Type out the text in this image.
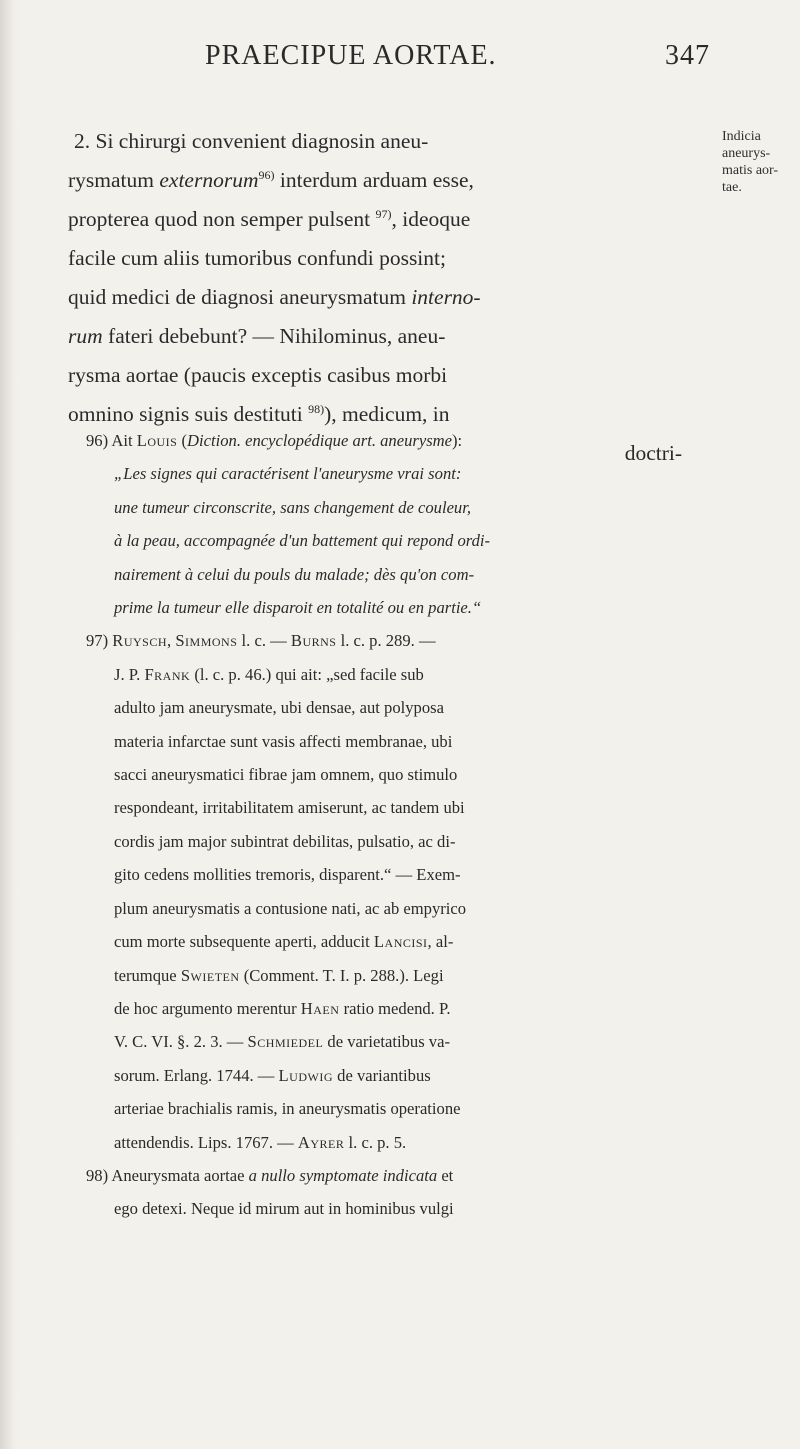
PRAECIPUE AORTAE.	347
Indicia
aneurys-
matis aor-
tae.

2. Si chirurgi convenient diagnosin aneu-

rysmatum externorum$^{96)}$ interdum arduam esse,

propterea quod non semper pulsent $^{97)}$, ideoque

facile cum aliis tumoribus confundi possint;

quid medici de diagnosi aneurysmatum interno-

rum fateri debebunt? — Nihilominus, aneu-

rysma aortae (paucis exceptis casibus morbi

omnino signis suis destituti $^{98)}$), medicum, in

doctri-

96) Ait Louis (Diction. encyclopédique art. aneurysme):
„Les signes qui caractérisent l'aneurysme vrai sont:
une tumeur circonscrite, sans changement de couleur,
à la peau, accompagnée d'un battement qui repond ordi-
nairement à celui du pouls du malade; dès qu'on com-
prime la tumeur elle disparoit en totalité ou en partie.“
97) Ruysch, Simmons l. c. — Burns l. c. p. 289. —
J. P. Frank (l. c. p. 46.) qui ait: „sed facile sub
adulto jam aneurysmate, ubi densae, aut polyposa
materia infarctae sunt vasis affecti membranae, ubi
sacci aneurysmatici fibrae jam omnem, quo stimulo
respondeant, irritabilitatem amiserunt, ac tandem ubi
cordis jam major subintrat debilitas, pulsatio, ac di-
gito cedens mollities tremoris, disparent.“ — Exem-
plum aneurysmatis a contusione nati, ac ab empyrico
cum morte subsequente aperti, adducit Lancisi, al-
terumque Swieten (Comment. T. I. p. 288.). Legi
de hoc argumento merentur Haen ratio medend. P.
V. C. VI. §. 2. 3. — Schmiedel de varietatibus va-
sorum. Erlang. 1744. — Ludwig de variantibus
arteriae brachialis ramis, in aneurysmatis operatione
attendendis. Lips. 1767. — Ayrer l. c. p. 5.
98) Aneurysmata aortae a nullo symptomate indicata et
ego detexi. Neque id mirum aut in hominibus vulgi
